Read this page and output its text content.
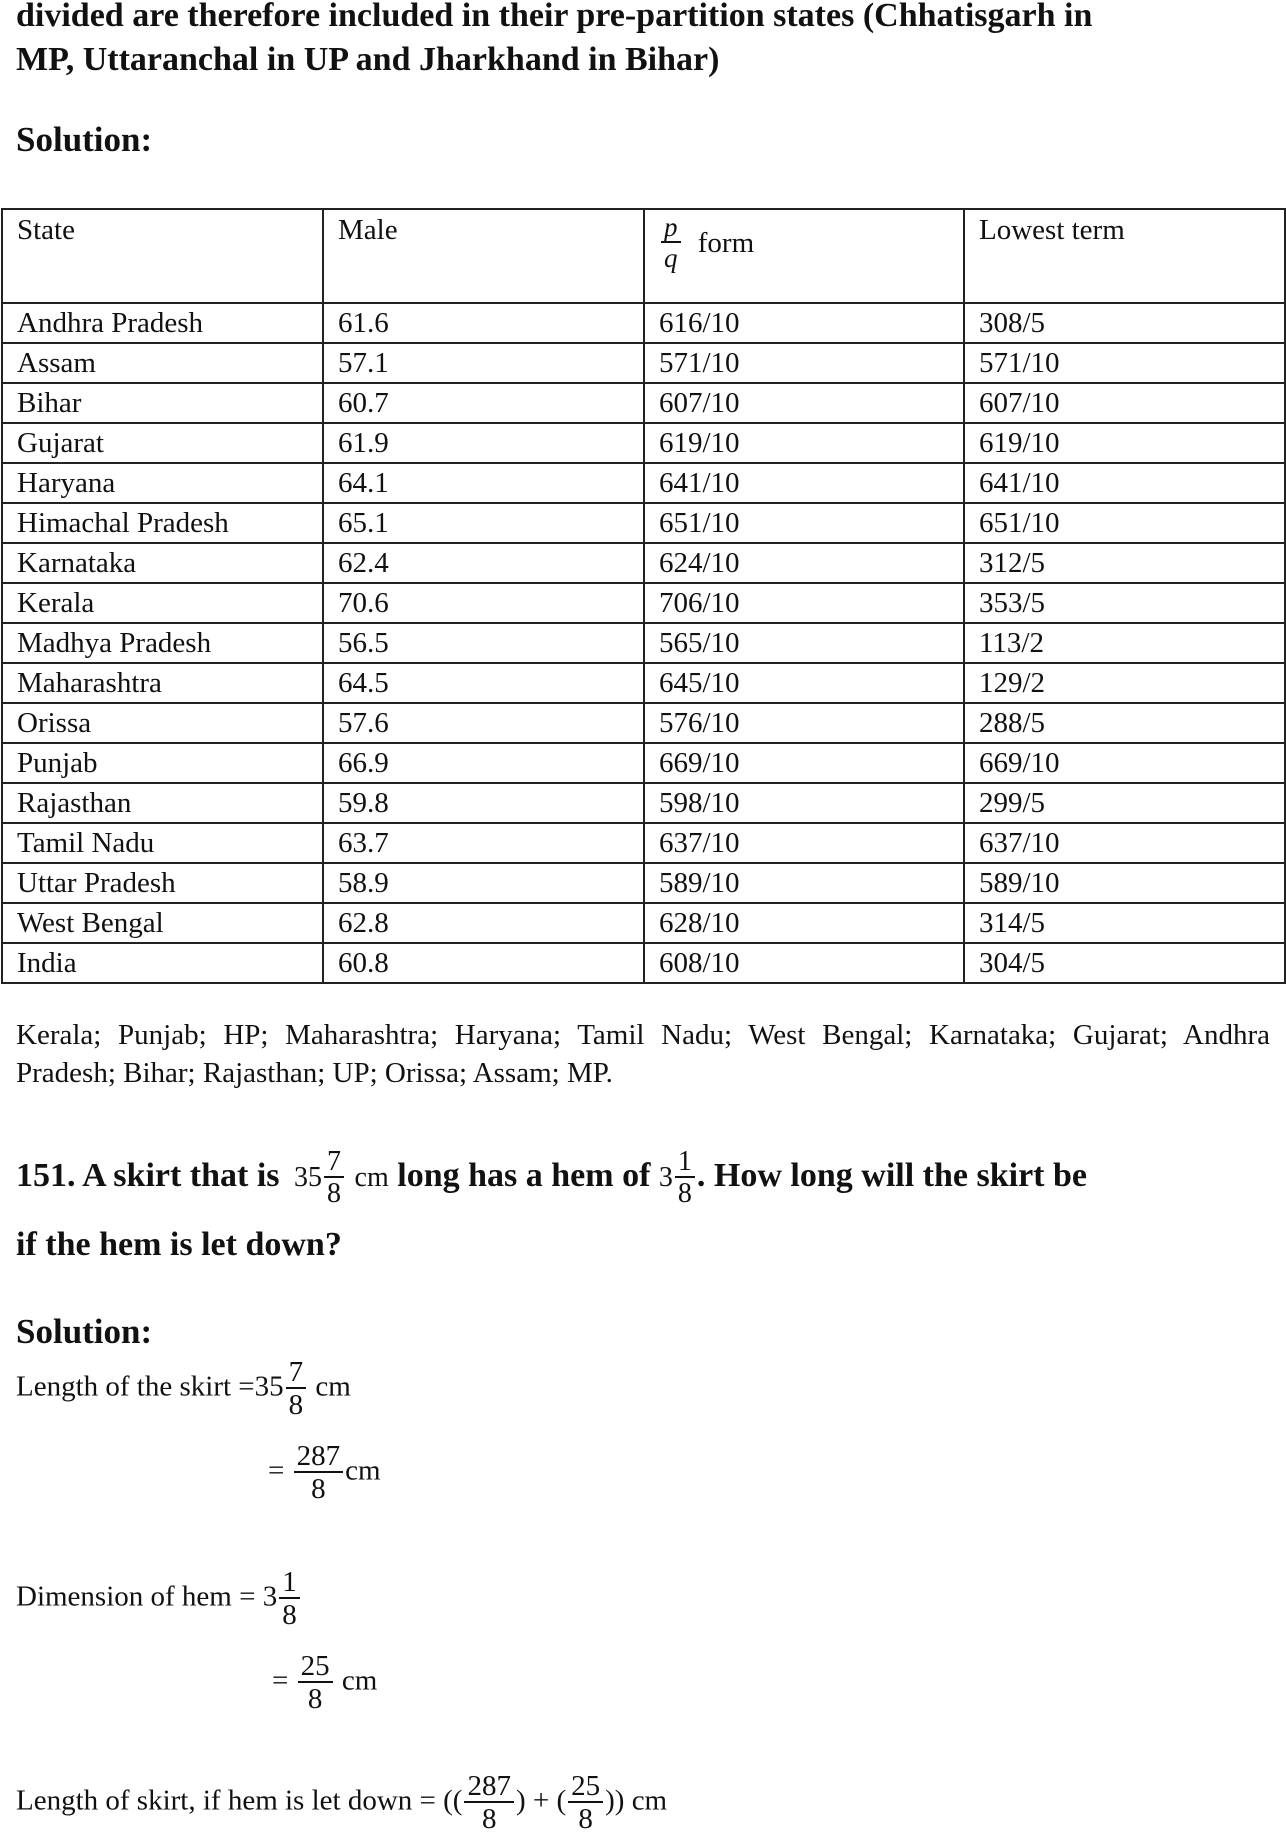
divided are therefore included in their pre-partition states (Chhatisgarh in
MP, Uttaranchal in UP and Jharkhand in Bihar)
Solution:
State	Male	$\frac{p}{q}$ form	Lowest term
Andhra Pradesh	61.6	616/10	308/5
Assam	57.1	571/10	571/10
Bihar	60.7	607/10	607/10
Gujarat	61.9	619/10	619/10
Haryana	64.1	641/10	641/10
Himachal Pradesh	65.1	651/10	651/10
Karnataka	62.4	624/10	312/5
Kerala	70.6	706/10	353/5
Madhya Pradesh	56.5	565/10	113/2
Maharashtra	64.5	645/10	129/2
Orissa	57.6	576/10	288/5
Punjab	66.9	669/10	669/10
Rajasthan	59.8	598/10	299/5
Tamil Nadu	63.7	637/10	637/10
Uttar Pradesh	58.9	589/10	589/10
West Bengal	62.8	628/10	314/5
India	60.8	608/10	304/5
Kerala; Punjab; HP; Maharashtra; Haryana; Tamil Nadu; West Bengal; Karnataka; Gujarat; Andhra Pradesh; Bihar; Rajasthan; UP; Orissa; Assam; MP.
151. A skirt that is $35 \frac{7}{8}$ cm long has a hem of $3 \frac{1}{8}$ . How long will the skirt be
if the hem is let down?
Solution:
Length of the skirt $=35 \frac{7}{8}$ cm
= $\frac{287}{8}$ cm
Dimension of hem = $3 \frac{1}{8}$
= $\frac{25}{8}$ cm
Length of skirt, if hem is let down = (( $\frac{287}{8}$ ) + ( $\frac{25}{8}$ )) cm
